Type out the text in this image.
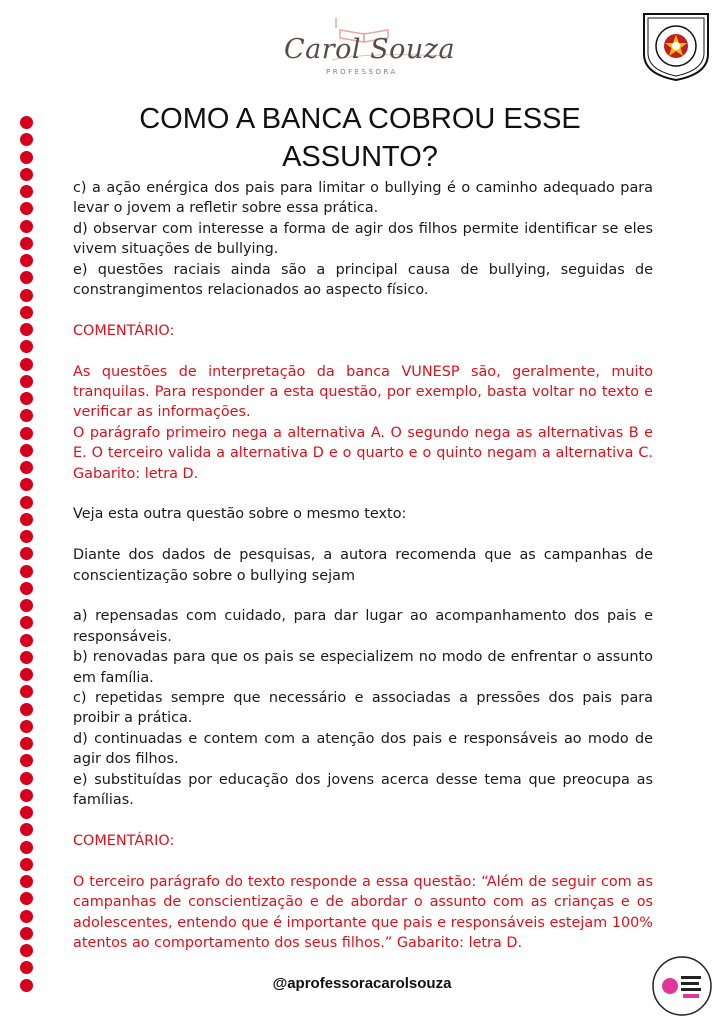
Carol Souza
PROFESSORA
COMO A BANCA COBROU ESSE
ASSUNTO?

c) a ação enérgica dos pais para limitar o bullying é o caminho adequado para levar o jovem a refletir sobre essa prática.

d) observar com interesse a forma de agir dos filhos permite identificar se eles vivem situações de bullying.

e) questões raciais ainda são a principal causa de bullying, seguidas de constrangimentos relacionados ao aspecto físico.

COMENTÁRIO:

As questões de interpretação da banca VUNESP são, geralmente, muito tranquilas. Para responder a esta questão, por exemplo, basta voltar no texto e verificar as informações.

O parágrafo primeiro nega a alternativa A. O segundo nega as alternativas B e E. O terceiro valida a alternativa D e o quarto e o quinto negam a alternativa C. Gabarito: letra D.

Veja esta outra questão sobre o mesmo texto:

Diante dos dados de pesquisas, a autora recomenda que as campanhas de conscientização sobre o bullying sejam

a) repensadas com cuidado, para dar lugar ao acompanhamento dos pais e responsáveis.

b) renovadas para que os pais se especializem no modo de enfrentar o assunto em família.

c) repetidas sempre que necessário e associadas a pressões dos pais para proibir a prática.

d) continuadas e contem com a atenção dos pais e responsáveis ao modo de agir dos filhos.

e) substituídas por educação dos jovens acerca desse tema que preocupa as famílias.

COMENTÁRIO:

O terceiro parágrafo do texto responde a essa questão: “Além de seguir com as campanhas de conscientização e de abordar o assunto com as crianças e os adolescentes, entendo que é importante que pais e responsáveis estejam 100% atentos ao comportamento dos seus filhos.” Gabarito: letra D.

@aprofessoracarolsouza
